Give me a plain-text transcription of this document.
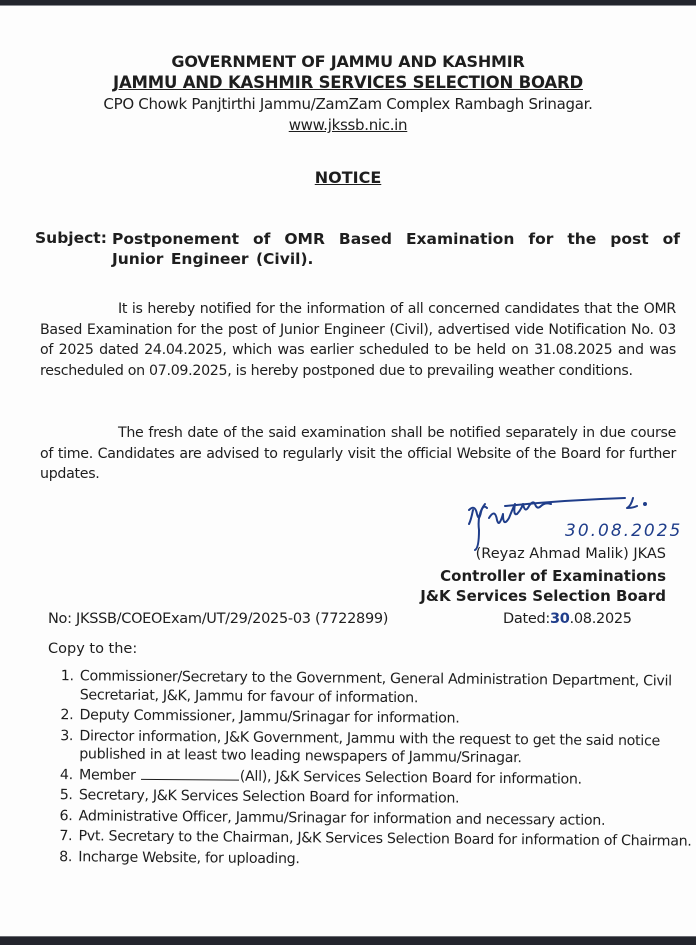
GOVERNMENT OF JAMMU AND KASHMIR
JAMMU AND KASHMIR SERVICES SELECTION BOARD
CPO Chowk Panjtirthi Jammu/ZamZam Complex Rambagh Srinagar.
www.jkssb.nic.in
NOTICE
Subject: Postponement of OMR Based Examination for the post of Junior Engineer (Civil).
It is hereby notified for the information of all concerned candidates that the OMR Based Examination for the post of Junior Engineer (Civil), advertised vide Notification No. 03 of 2025 dated 24.04.2025, which was earlier scheduled to be held on 31.08.2025 and was rescheduled on 07.09.2025, is hereby postponed due to prevailing weather conditions.
The fresh date of the said examination shall be notified separately in due course of time. Candidates are advised to regularly visit the official Website of the Board for further updates.
30.08.2025
(Reyaz Ahmad Malik) JKAS
Controller of Examinations
J&K Services Selection Board
No: JKSSB/COEOExam/UT/29/2025-03 (7722899)	Dated:30.08.2025
Copy to the:
1. Commissioner/Secretary to the Government, General Administration Department, Civil Secretariat, J&K, Jammu for favour of information.
2. Deputy Commissioner, Jammu/Srinagar for information.
3. Director information, J&K Government, Jammu with the request to get the said notice published in at least two leading newspapers of Jammu/Srinagar.
4. Member	(All), J&K Services Selection Board for information.
5. Secretary, J&K Services Selection Board for information.
6. Administrative Officer, Jammu/Srinagar for information and necessary action.
7. Pvt. Secretary to the Chairman, J&K Services Selection Board for information of Chairman.
8. Incharge Website, for uploading.
